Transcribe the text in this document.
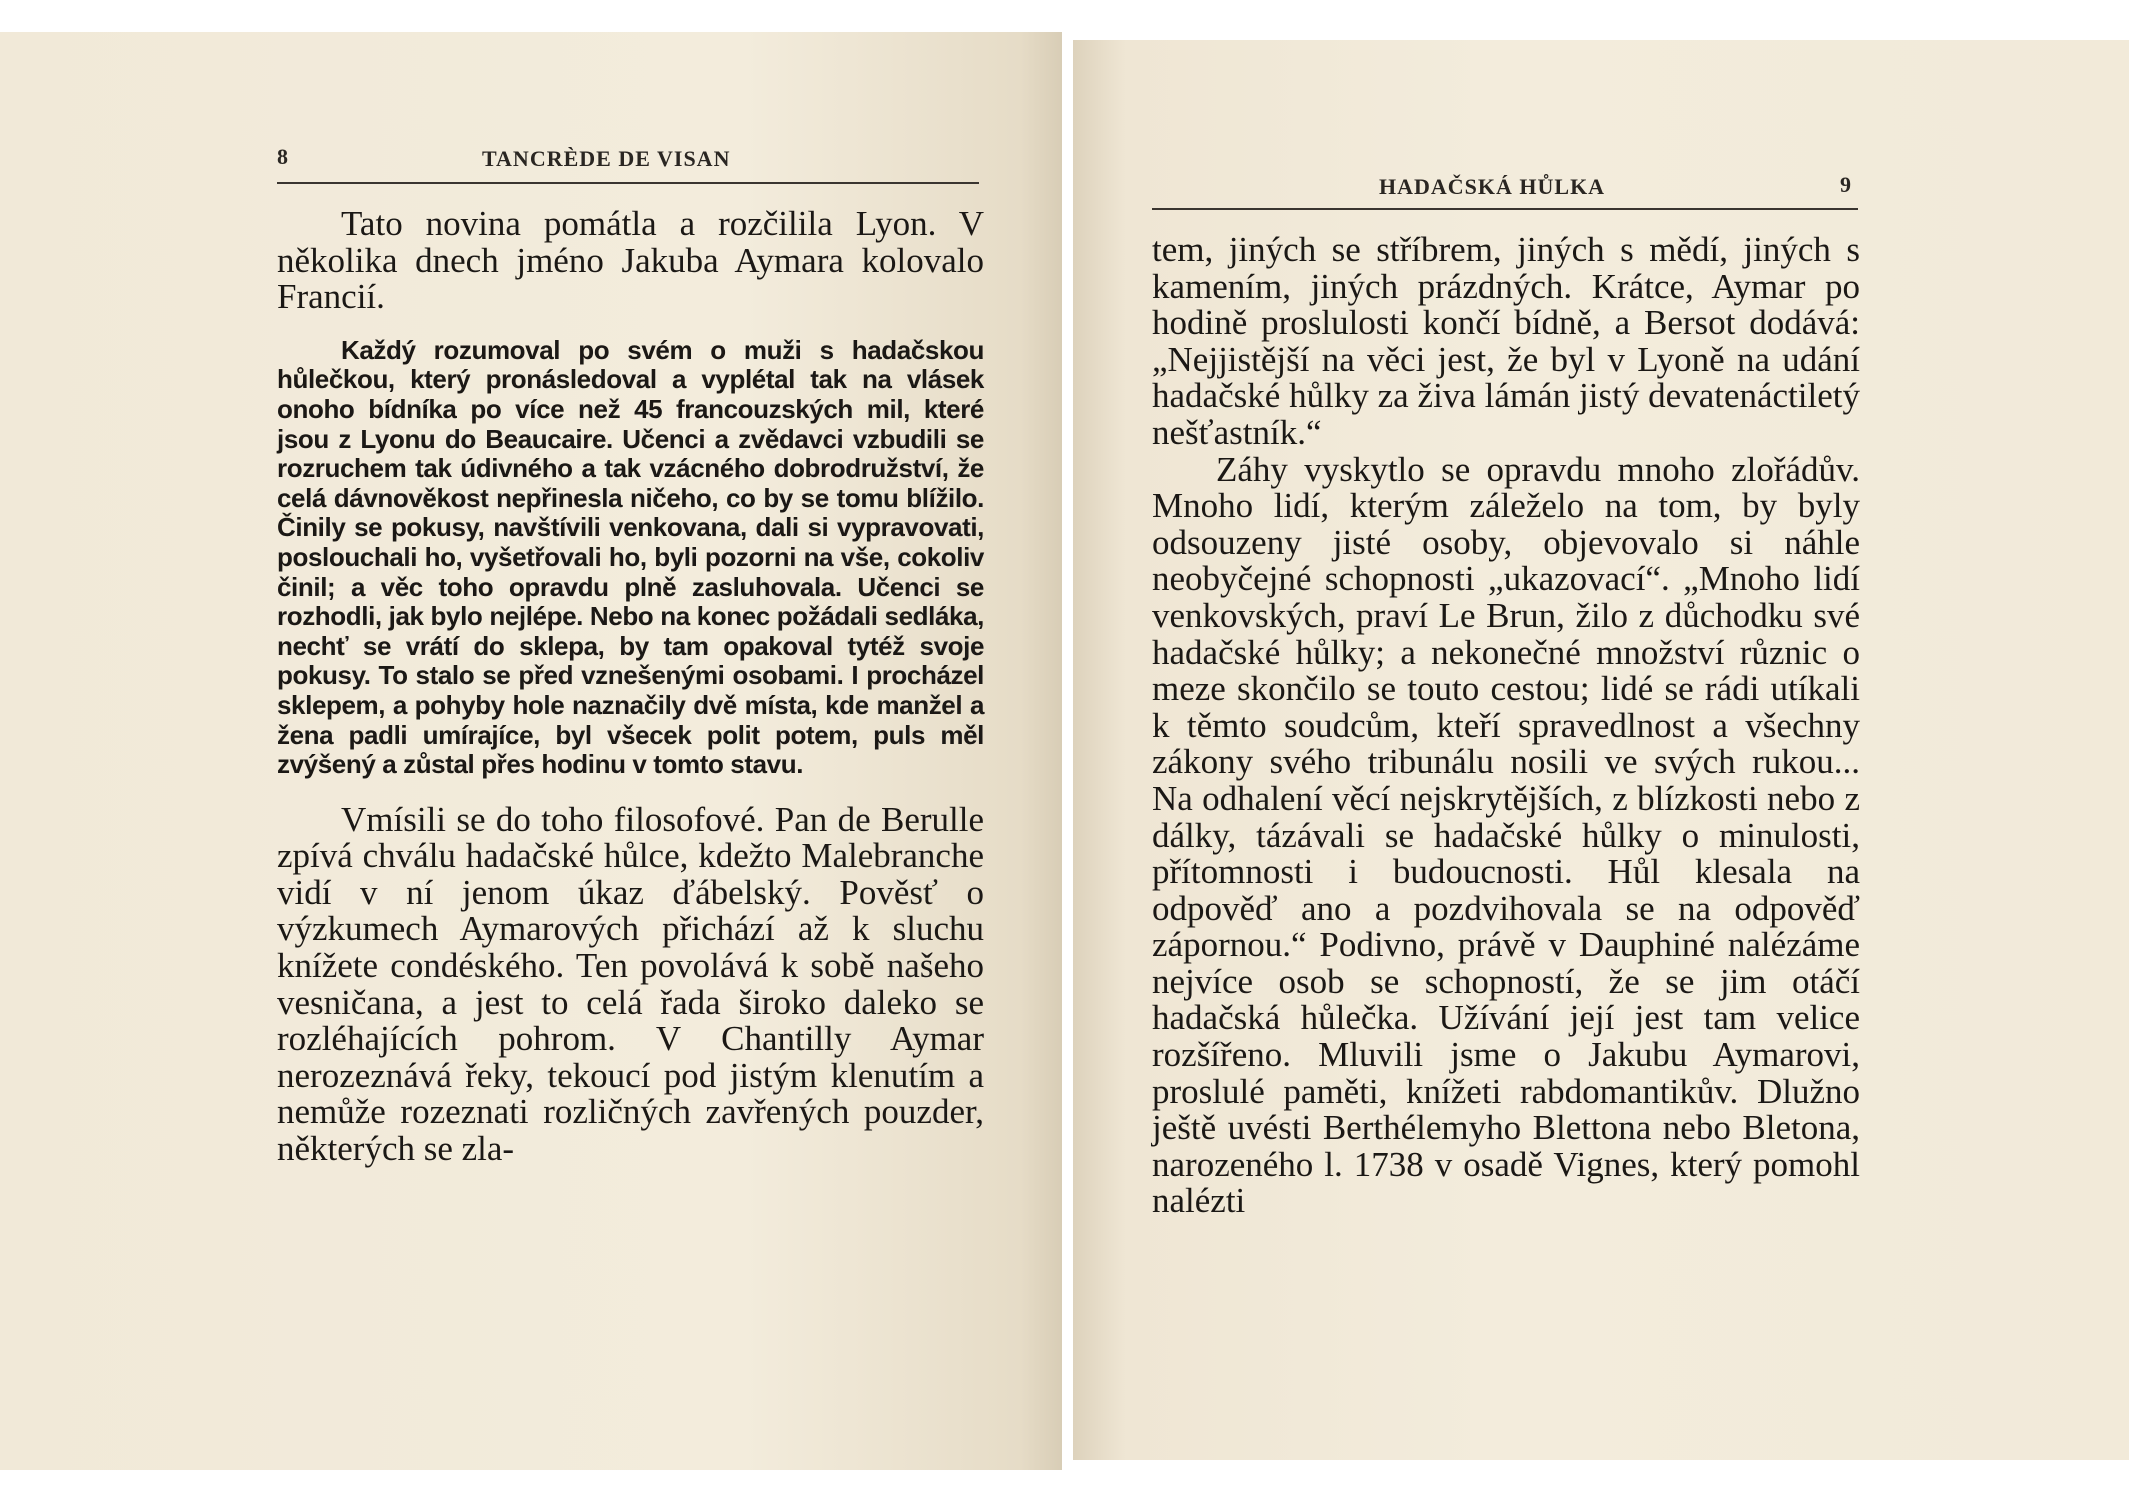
8	TANCRÈDE DE VISAN

Tato novina pomátla a rozčilila Lyon. V několika dnech jméno Jakuba Aymara kolovalo Francií.

Každý rozumoval po svém o muži s hadačskou hůlečkou, který pronásledoval a vyplétal tak na vlásek onoho bídníka po více než 45 francouzských mil, které jsou z Lyonu do Beaucaire. Učenci a zvědavci vzbudili se rozruchem tak údivného a tak vzácného dobrodružství, že celá dávnověkost nepřinesla ničeho, co by se tomu blížilo. Činily se pokusy, navštívili venkovana, dali si vypravovati, poslouchali ho, vyšetřovali ho, byli pozorni na vše, cokoliv činil; a věc toho opravdu plně zasluhovala. Učenci se rozhodli, jak bylo nejlépe. Nebo na konec požádali sedláka, nechť se vrátí do sklepa, by tam opakoval tytéž svoje pokusy. To stalo se před vznešenými osobami. I procházel sklepem, a pohyby hole naznačily dvě místa, kde manžel a žena padli umírajíce, byl všecek polit potem, puls měl zvýšený a zůstal přes hodinu v tomto stavu.

Vmísili se do toho filosofové. Pan de Berulle zpívá chválu hadačské hůlce, kdežto Malebranche vidí v ní jenom úkaz ďábelský. Pověsť o výzkumech Aymarových přichází až k sluchu knížete condéského. Ten povolává k sobě našeho vesničana, a jest to celá řada široko daleko se rozléhajících pohrom. V Chantilly Aymar nerozeznává řeky, tekoucí pod jistým klenutím a nemůže rozeznati rozličných zavřených pouzder, některých se zla-

HADAČSKÁ HŮLKA	9

tem, jiných se stříbrem, jiných s mědí, jiných s kamením, jiných prázdných. Krátce, Aymar po hodině proslulosti končí bídně, a Bersot dodává: „Nejjistější na věci jest, že byl v Lyoně na udání hadačské hůlky za živa lámán jistý devatenáctiletý nešťastník.“

Záhy vyskytlo se opravdu mnoho zlořádův. Mnoho lidí, kterým záleželo na tom, by byly odsouzeny jisté osoby, objevovalo si náhle neobyčejné schopnosti „ukazovací“. „Mnoho lidí venkovských, praví Le Brun, žilo z důchodku své hadačské hůlky; a nekonečné množství různic o meze skončilo se touto cestou; lidé se rádi utíkali k těmto soudcům, kteří spravedlnost a všechny zákony svého tribunálu nosili ve svých rukou... Na odhalení věcí nejskrytějších, z blízkosti nebo z dálky, tázávali se hadačské hůlky o minulosti, přítomnosti i budoucnosti. Hůl klesala na odpověď ano a pozdvihovala se na odpověď zápornou.“ Podivno, právě v Dauphiné nalézáme nejvíce osob se schopností, že se jim otáčí hadačská hůlečka. Užívání její jest tam velice rozšířeno. Mluvili jsme o Jakubu Aymarovi, proslulé paměti, knížeti rabdomantikův. Dlužno ještě uvésti Berthélemyho Blettona nebo Bletona, narozeného l. 1738 v osadě Vignes, který pomohl nalézti
